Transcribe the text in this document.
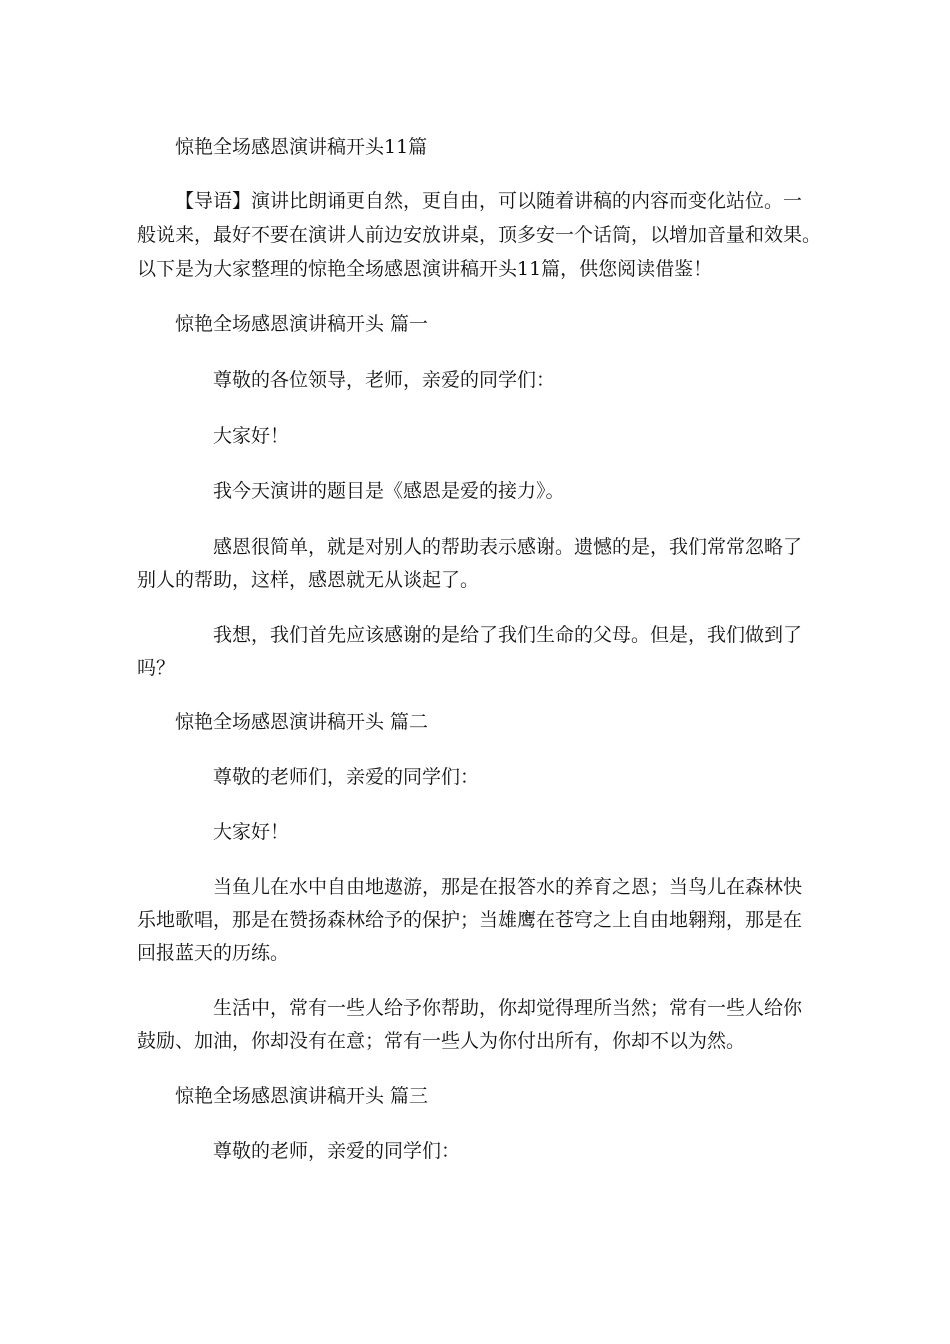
惊艳全场感恩演讲稿开头11篇

【导语】演讲比朗诵更自然，更自由，可以随着讲稿的内容而变化站位。一

般说来，最好不要在演讲人前边安放讲桌，顶多安一个话筒，以增加音量和效果。

以下是为大家整理的惊艳全场感恩演讲稿开头11篇，供您阅读借鉴！

惊艳全场感恩演讲稿开头 篇一

尊敬的各位领导，老师，亲爱的同学们：

大家好！

我今天演讲的题目是《感恩是爱的接力》。

感恩很简单，就是对别人的帮助表示感谢。遗憾的是，我们常常忽略了

别人的帮助，这样，感恩就无从谈起了。

我想，我们首先应该感谢的是给了我们生命的父母。但是，我们做到了

吗？

惊艳全场感恩演讲稿开头 篇二

尊敬的老师们，亲爱的同学们：

大家好！

当鱼儿在水中自由地遨游，那是在报答水的养育之恩；当鸟儿在森林快

乐地歌唱，那是在赞扬森林给予的保护；当雄鹰在苍穹之上自由地翱翔，那是在

回报蓝天的历练。

生活中，常有一些人给予你帮助，你却觉得理所当然；常有一些人给你

鼓励、加油，你却没有在意；常有一些人为你付出所有，你却不以为然。

惊艳全场感恩演讲稿开头 篇三

尊敬的老师，亲爱的同学们：
